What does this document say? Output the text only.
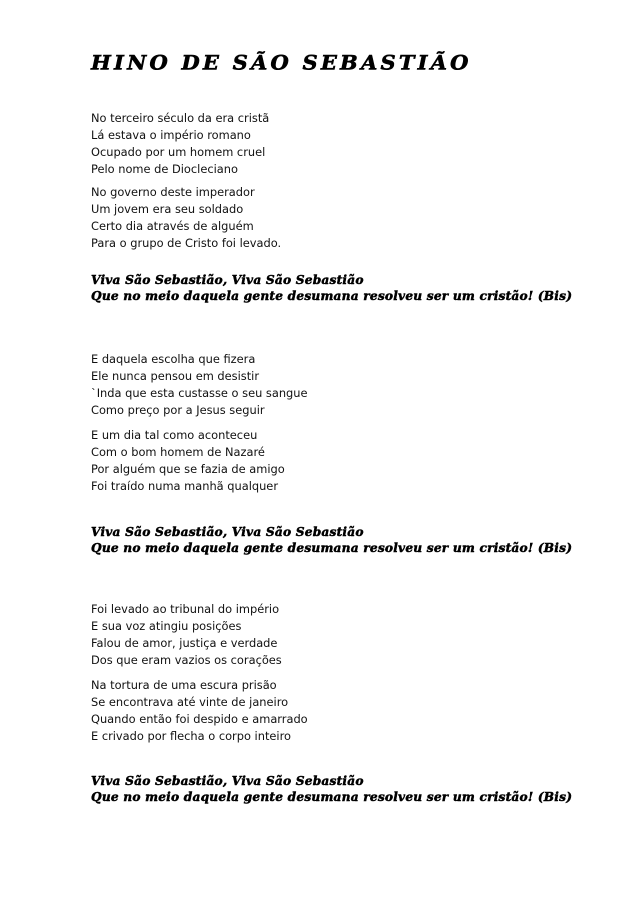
HINO DE SÃO SEBASTIÃO
No terceiro século da era cristã
Lá estava o império romano
Ocupado por um homem cruel
Pelo nome de Diocleciano
No governo deste imperador
Um jovem era seu soldado
Certo dia através de alguém
Para o grupo de Cristo foi levado.
Viva São Sebastião, Viva São Sebastião
Que no meio daquela gente desumana resolveu ser um cristão! (Bis)
E daquela escolha que fizera
Ele nunca pensou em desistir
`Inda que esta custasse o seu sangue
Como preço por a Jesus seguir
E um dia tal como aconteceu
Com o bom homem de Nazaré
Por alguém que se fazia de amigo
Foi traído numa manhã qualquer
Viva São Sebastião, Viva São Sebastião
Que no meio daquela gente desumana resolveu ser um cristão! (Bis)
Foi levado ao tribunal do império
E sua voz atingiu posições
Falou de amor, justiça e verdade
Dos que eram vazios os corações
Na tortura de uma escura prisão
Se encontrava até vinte de janeiro
Quando então foi despido e amarrado
E crivado por flecha o corpo inteiro
Viva São Sebastião, Viva São Sebastião
Que no meio daquela gente desumana resolveu ser um cristão! (Bis)
